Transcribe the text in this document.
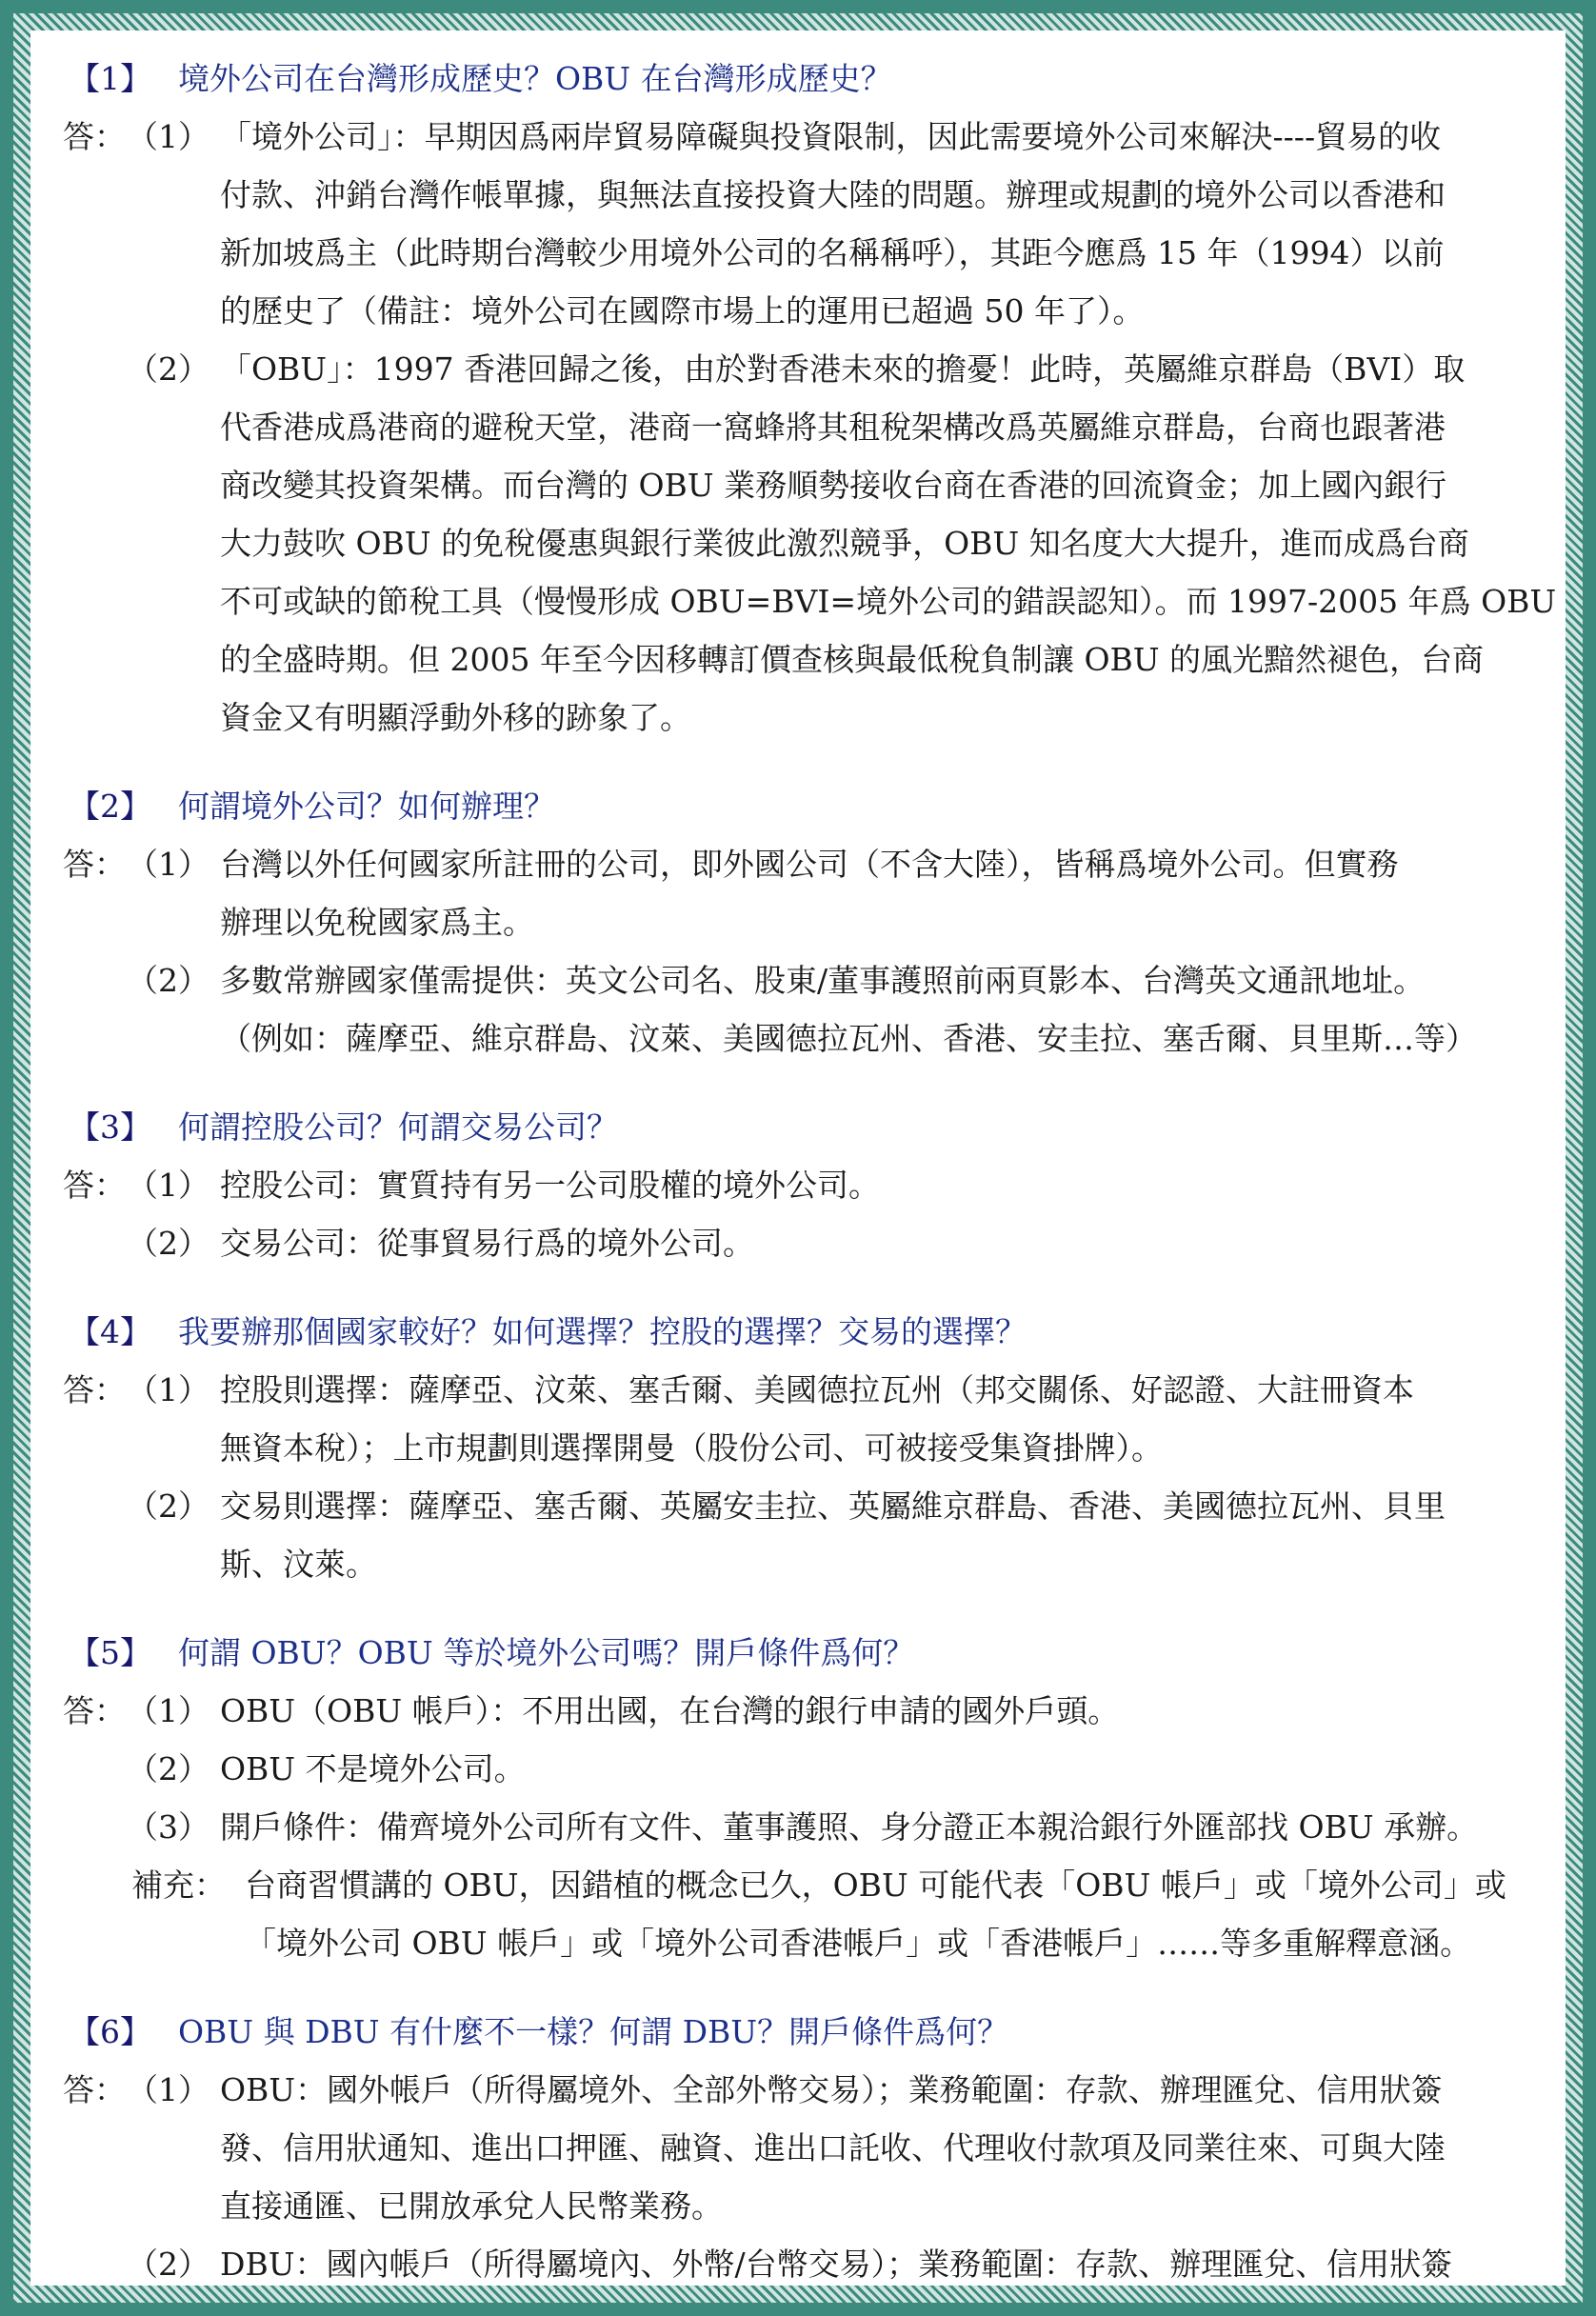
【1】 境外公司在台灣形成歷史？OBU 在台灣形成歷史？
答： （1） 「境外公司」：早期因爲兩岸貿易障礙與投資限制，因此需要境外公司來解決----貿易的收
付款、沖銷台灣作帳單據，與無法直接投資大陸的問題。辦理或規劃的境外公司以香港和
新加坡爲主（此時期台灣較少用境外公司的名稱稱呼），其距今應爲 15 年（1994）以前
的歷史了（備註：境外公司在國際市場上的運用已超過 50 年了）。
（2） 「OBU」：1997 香港回歸之後，由於對香港未來的擔憂！此時，英屬維京群島（BVI）取
代香港成爲港商的避稅天堂，港商一窩蜂將其租稅架構改爲英屬維京群島，台商也跟著港
商改變其投資架構。而台灣的 OBU 業務順勢接收台商在香港的回流資金；加上國內銀行
大力鼓吹 OBU 的免稅優惠與銀行業彼此激烈競爭，OBU 知名度大大提升，進而成爲台商
不可或缺的節稅工具（慢慢形成 OBU=BVI=境外公司的錯誤認知）。而 1997-2005 年爲 OBU
的全盛時期。但 2005 年至今因移轉訂價查核與最低稅負制讓 OBU 的風光黯然褪色，台商
資金又有明顯浮動外移的跡象了。
【2】 何謂境外公司？如何辦理？
答： （1） 台灣以外任何國家所註冊的公司，即外國公司（不含大陸），皆稱爲境外公司。但實務
辦理以免稅國家爲主。
（2） 多數常辦國家僅需提供：英文公司名、股東/董事護照前兩頁影本、台灣英文通訊地址。
（例如：薩摩亞、維京群島、汶萊、美國德拉瓦州、香港、安圭拉、塞舌爾、貝里斯…等）
【3】 何謂控股公司？何謂交易公司？
答： （1） 控股公司：實質持有另一公司股權的境外公司。
（2） 交易公司：從事貿易行爲的境外公司。
【4】 我要辦那個國家較好？如何選擇？控股的選擇？交易的選擇？
答： （1） 控股則選擇：薩摩亞、汶萊、塞舌爾、美國德拉瓦州（邦交關係、好認證、大註冊資本
無資本稅）；上市規劃則選擇開曼（股份公司、可被接受集資掛牌）。
（2） 交易則選擇：薩摩亞、塞舌爾、英屬安圭拉、英屬維京群島、香港、美國德拉瓦州、貝里
斯、汶萊。
【5】 何謂 OBU？OBU 等於境外公司嗎？開戶條件爲何？
答： （1） OBU（OBU 帳戶）：不用出國，在台灣的銀行申請的國外戶頭。
（2） OBU 不是境外公司。
（3） 開戶條件：備齊境外公司所有文件、董事護照、身分證正本親洽銀行外匯部找 OBU 承辦。
補充： 台商習慣講的 OBU，因錯植的概念已久，OBU 可能代表「OBU 帳戶」或「境外公司」或
「境外公司 OBU 帳戶」或「境外公司香港帳戶」或「香港帳戶」……等多重解釋意涵。
【6】 OBU 與 DBU 有什麼不一樣？何謂 DBU？開戶條件爲何？
答： （1） OBU：國外帳戶（所得屬境外、全部外幣交易）；業務範圍：存款、辦理匯兌、信用狀簽
發、信用狀通知、進出口押匯、融資、進出口託收、代理收付款項及同業往來、可與大陸
直接通匯、已開放承兌人民幣業務。
（2） DBU：國內帳戶（所得屬境內、外幣/台幣交易）；業務範圍：存款、辦理匯兌、信用狀簽
